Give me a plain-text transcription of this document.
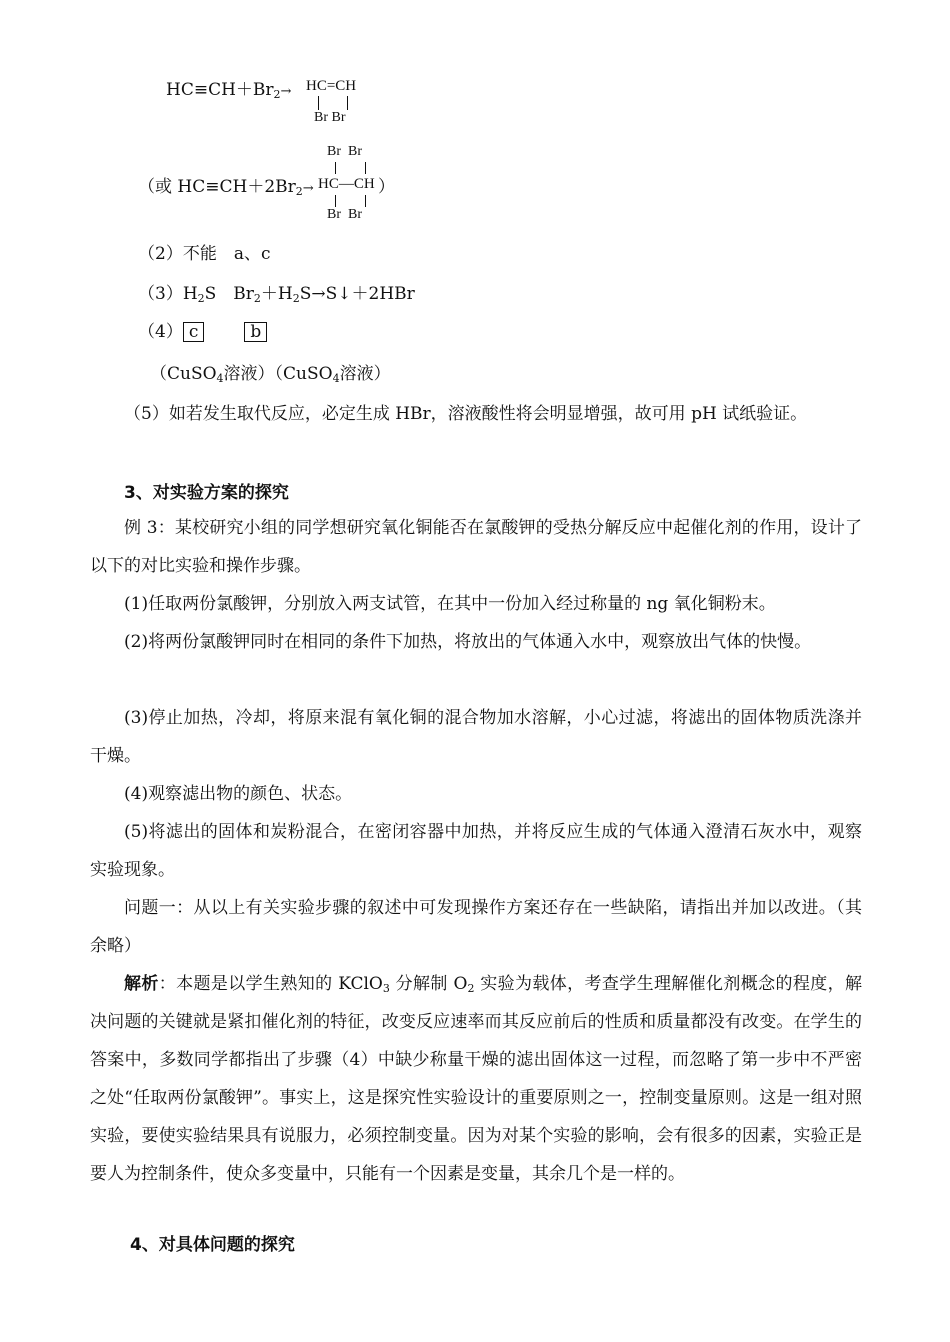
$HC\equiv CH+Br_2\to HC=CH$
Br Br
Br  Br
HC—CH
Br  Br
（或 $HC\equiv CH+2Br_2\to$	）
（2）不能　a、c
$(3)H_2S$　$Br_2+H_2S\to S↓+2HBr$
（4） c	b
（CuSO$_4$溶液）（CuSO$_4$溶液）
（5）如若发生取代反应，必定生成 HBr，溶液酸性将会明显增强，故可用 pH 试纸验证。
3、对实验方案的探究
例 3：某校研究小组的同学想研究氧化铜能否在氯酸钾的受热分解反应中起催化剂的作用，设计了以下的对比实验和操作步骤。
(1)任取两份氯酸钾，分别放入两支试管，在其中一份加入经过称量的 ng 氧化铜粉末。
(2)将两份氯酸钾同时在相同的条件下加热，将放出的气体通入水中，观察放出气体的快慢。
(3)停止加热，冷却，将原来混有氧化铜的混合物加水溶解，小心过滤，将滤出的固体物质洗涤并干燥。
(4)观察滤出物的颜色、状态。
(5)将滤出的固体和炭粉混合，在密闭容器中加热，并将反应生成的气体通入澄清石灰水中，观察实验现象。
问题一：从以上有关实验步骤的叙述中可发现操作方案还存在一些缺陷，请指出并加以改进。（其余略）
解析：本题是以学生熟知的 KClO$_3$ 分解制 $O_2$ 实验为载体，考查学生理解催化剂概念的程度，解决问题的关键就是紧扣催化剂的特征，改变反应速率而其反应前后的性质和质量都没有改变。在学生的答案中，多数同学都指出了步骤（4）中缺少称量干燥的滤出固体这一过程，而忽略了第一步中不严密之处“任取两份氯酸钾”。事实上，这是探究性实验设计的重要原则之一，控制变量原则。这是一组对照实验，要使实验结果具有说服力，必须控制变量。因为对某个实验的影响，会有很多的因素，实验正是要人为控制条件，使众多变量中，只能有一个因素是变量，其余几个是一样的。
4、对具体问题的探究
